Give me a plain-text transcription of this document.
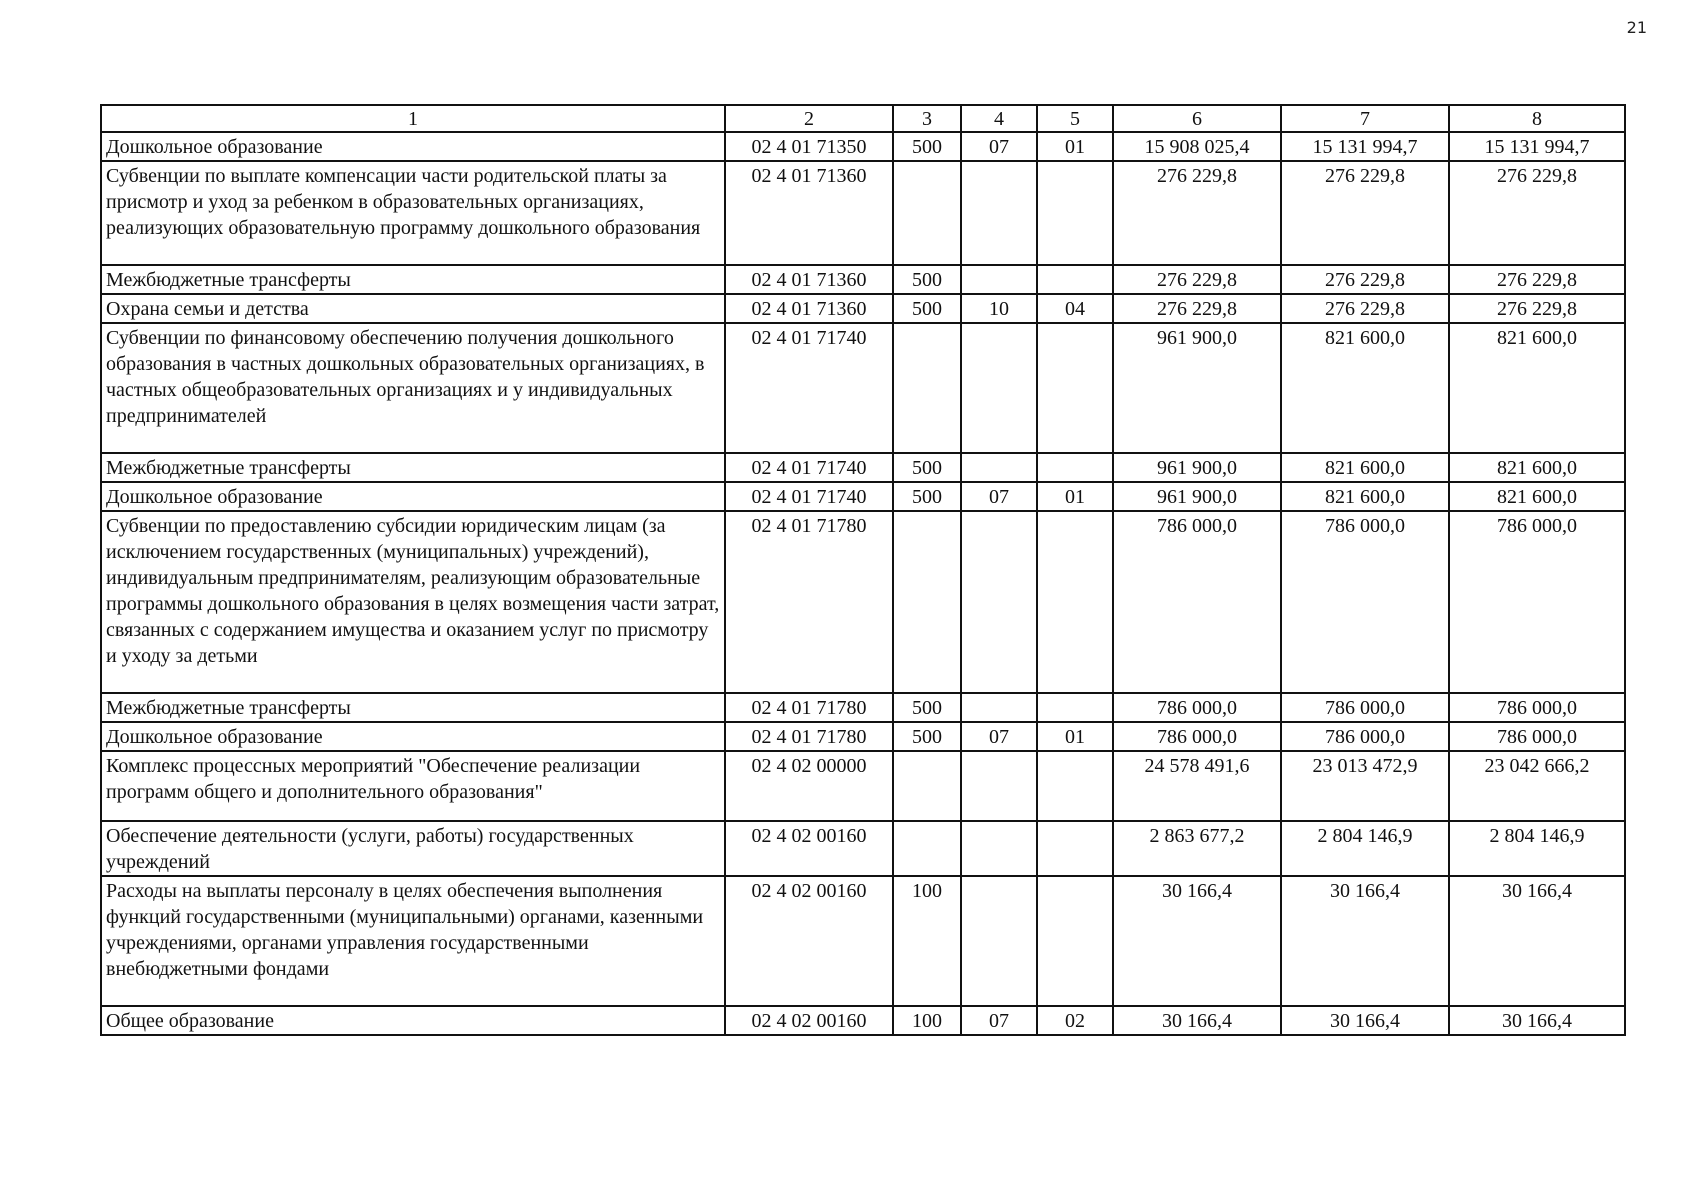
21
1	2	3	4	5	6	7	8
Дошкольное образование	02 4 01 71350	500	07	01	15 908 025,4	15 131 994,7	15 131 994,7
Субвенции по выплате компенсации части родительской платы за присмотр и уход за ребенком в образовательных организациях, реализующих образовательную программу дошкольного образования	02 4 01 71360				276 229,8	276 229,8	276 229,8
Межбюджетные трансферты	02 4 01 71360	500			276 229,8	276 229,8	276 229,8
Охрана семьи и детства	02 4 01 71360	500	10	04	276 229,8	276 229,8	276 229,8
Субвенции по финансовому обеспечению получения дошкольного образования в частных дошкольных образовательных организациях, в частных общеобразовательных организациях и у индивидуальных предпринимателей	02 4 01 71740				961 900,0	821 600,0	821 600,0
Межбюджетные трансферты	02 4 01 71740	500			961 900,0	821 600,0	821 600,0
Дошкольное образование	02 4 01 71740	500	07	01	961 900,0	821 600,0	821 600,0
Субвенции по предоставлению субсидии юридическим лицам (за исключением государственных (муниципальных) учреждений), индивидуальным предпринимателям, реализующим образовательные программы дошкольного образования в целях возмещения части затрат, связанных с содержанием имущества и оказанием услуг по присмотру и уходу за детьми	02 4 01 71780				786 000,0	786 000,0	786 000,0
Межбюджетные трансферты	02 4 01 71780	500			786 000,0	786 000,0	786 000,0
Дошкольное образование	02 4 01 71780	500	07	01	786 000,0	786 000,0	786 000,0
Комплекс процессных мероприятий "Обеспечение реализации программ общего и дополнительного образования"	02 4 02 00000				24 578 491,6	23 013 472,9	23 042 666,2
Обеспечение деятельности (услуги, работы) государственных учреждений	02 4 02 00160				2 863 677,2	2 804 146,9	2 804 146,9
Расходы на выплаты персоналу в целях обеспечения выполнения функций государственными (муниципальными) органами, казенными учреждениями, органами управления государственными внебюджетными фондами	02 4 02 00160	100			30 166,4	30 166,4	30 166,4
Общее образование	02 4 02 00160	100	07	02	30 166,4	30 166,4	30 166,4
